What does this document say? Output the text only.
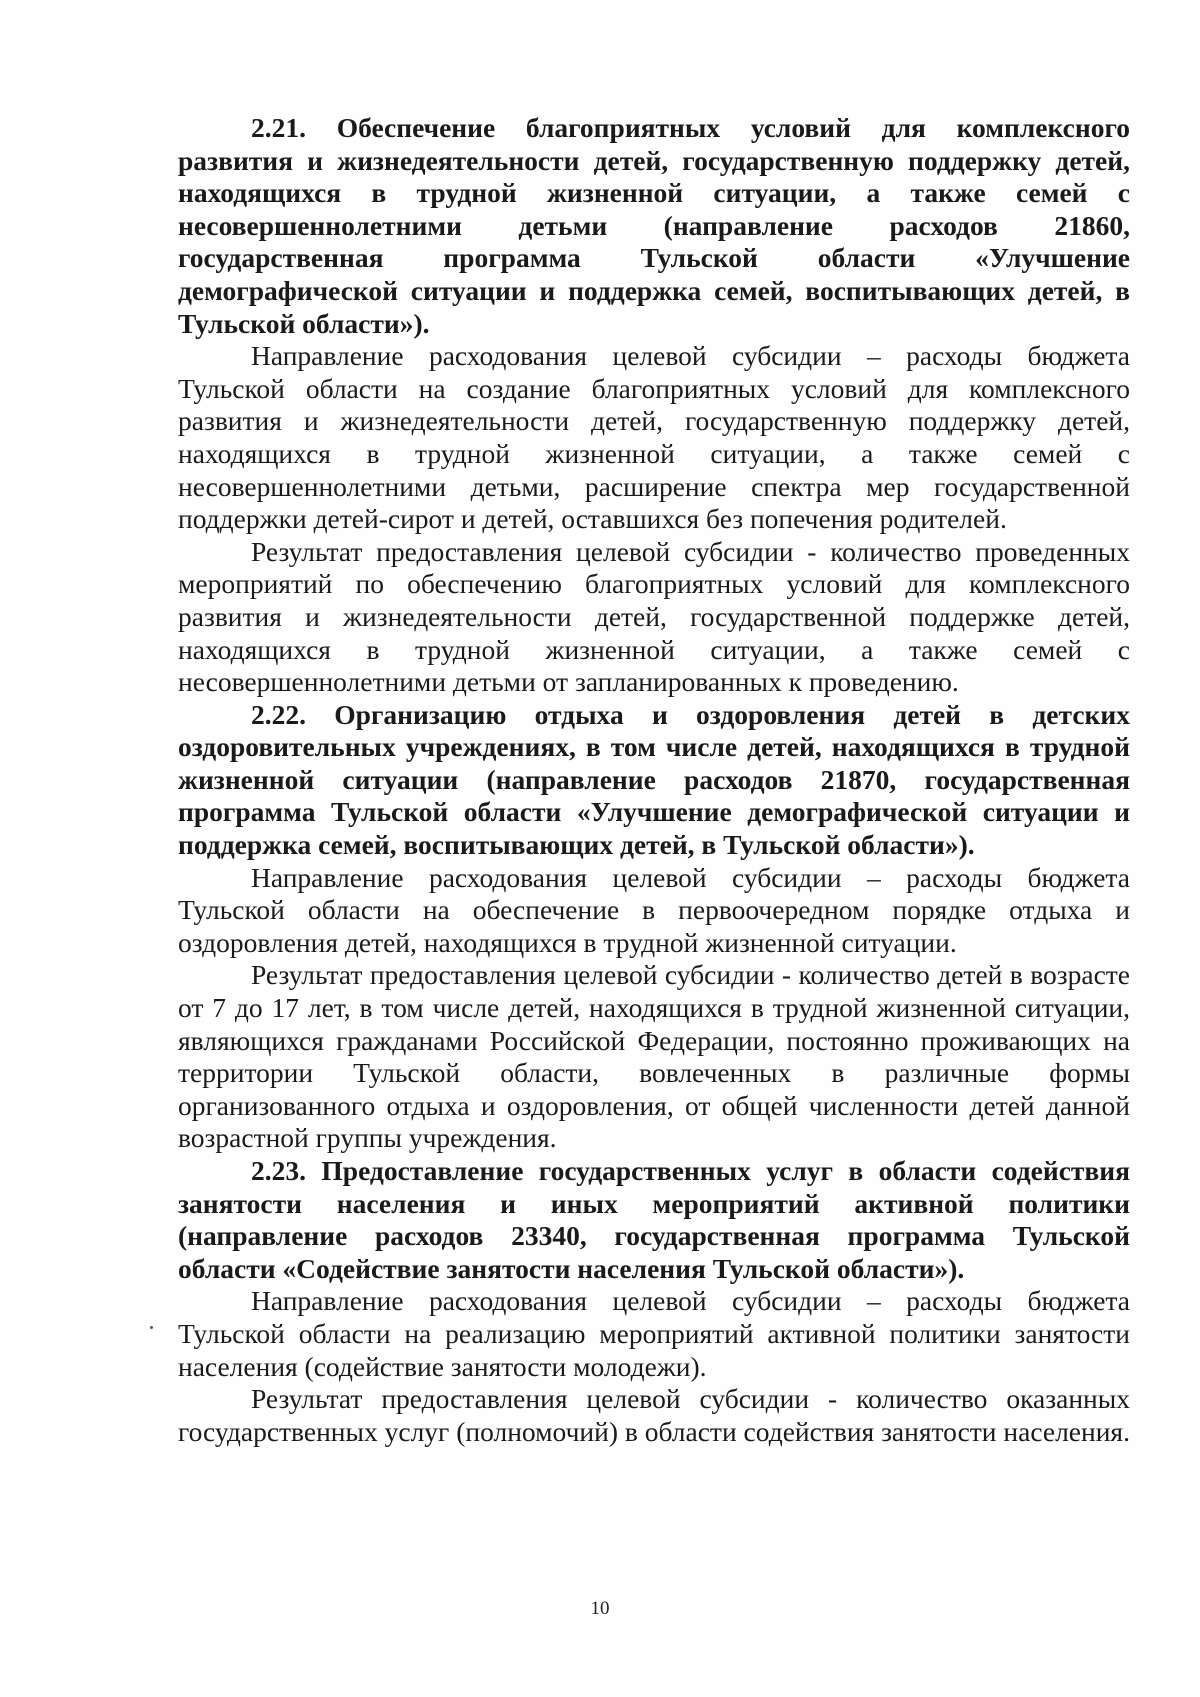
2.21. Обеспечение благоприятных условий для комплексного развития и жизнедеятельности детей, государственную поддержку детей, находящихся в трудной жизненной ситуации, а также семей с несовершеннолетними детьми (направление расходов 21860, государственная программа Тульской области «Улучшение демографической ситуации и поддержка семей, воспитывающих детей, в Тульской области»).

Направление расходования целевой субсидии – расходы бюджета Тульской области на создание благоприятных условий для комплексного развития и жизнедеятельности детей, государственную поддержку детей, находящихся в трудной жизненной ситуации, а также семей с несовершеннолетними детьми, расширение спектра мер государственной поддержки детей-сирот и детей, оставшихся без попечения родителей.

Результат предоставления целевой субсидии - количество проведенных мероприятий по обеспечению благоприятных условий для комплексного развития и жизнедеятельности детей, государственной поддержке детей, находящихся в трудной жизненной ситуации, а также семей с несовершеннолетними детьми от запланированных к проведению.

2.22. Организацию отдыха и оздоровления детей в детских оздоровительных учреждениях, в том числе детей, находящихся в трудной жизненной ситуации (направление расходов 21870, государственная программа Тульской области «Улучшение демографической ситуации и поддержка семей, воспитывающих детей, в Тульской области»).

Направление расходования целевой субсидии – расходы бюджета Тульской области на обеспечение в первоочередном порядке отдыха и оздоровления детей, находящихся в трудной жизненной ситуации.

Результат предоставления целевой субсидии - количество детей в возрасте от 7 до 17 лет, в том числе детей, находящихся в трудной жизненной ситуации, являющихся гражданами Российской Федерации, постоянно проживающих на территории Тульской области, вовлеченных в различные формы организованного отдыха и оздоровления, от общей численности детей данной возрастной группы учреждения.

2.23. Предоставление государственных услуг в области содействия занятости населения и иных мероприятий активной политики (направление расходов 23340, государственная программа Тульской области «Содействие занятости населения Тульской области»).

Направление расходования целевой субсидии – расходы бюджета Тульской области на реализацию мероприятий активной политики занятости населения (содействие занятости молодежи).

Результат предоставления целевой субсидии - количество оказанных государственных услуг (полномочий) в области содействия занятости населения.

10
